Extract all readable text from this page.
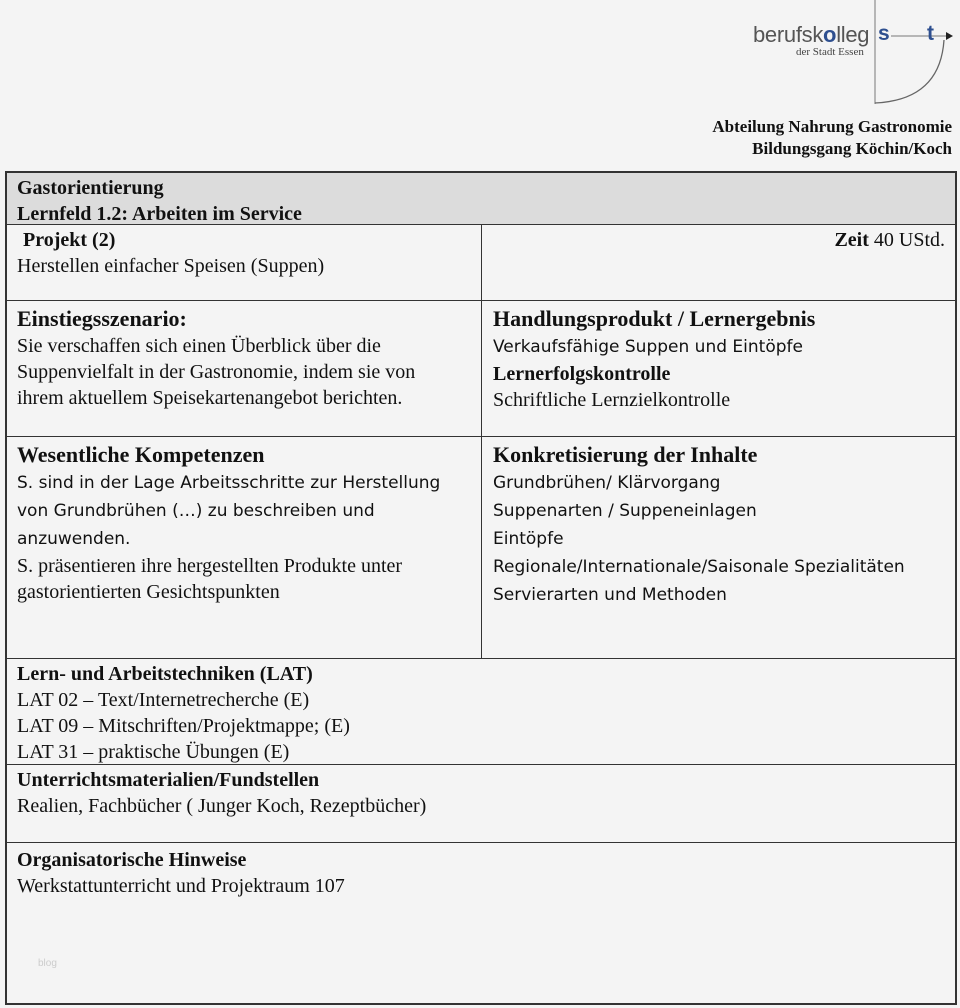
berufskolleg s t
der Stadt Essen
Abteilung Nahrung Gastronomie
Bildungsgang Köchin/Koch
Gastorientierung
Lernfeld 1.2: Arbeiten im Service
Projekt (2)
Herstellen einfacher Speisen (Suppen)
Zeit 40 UStd.
Einstiegsszenario:
Sie verschaffen sich einen Überblick über die
Suppenvielfalt in der Gastronomie, indem sie von
ihrem aktuellem Speisekartenangebot berichten.
Handlungsprodukt / Lernergebnis
Verkaufsfähige Suppen und Eintöpfe
Lernerfolgskontrolle
Schriftliche Lernzielkontrolle
Wesentliche Kompetenzen
S. sind in der Lage Arbeitsschritte zur Herstellung
von Grundbrühen (…) zu beschreiben und
anzuwenden.
S. präsentieren ihre hergestellten Produkte unter
gastorientierten Gesichtspunkten
Konkretisierung der Inhalte
Grundbrühen/ Klärvorgang
Suppenarten / Suppeneinlagen
Eintöpfe
Regionale/Internationale/Saisonale Spezialitäten
Servierarten und Methoden
Lern- und Arbeitstechniken (LAT)
LAT 02 – Text/Internetrecherche (E)
LAT 09 – Mitschriften/Projektmappe; (E)
LAT 31 – praktische Übungen (E)
Unterrichtsmaterialien/Fundstellen
Realien, Fachbücher ( Junger Koch, Rezeptbücher)
Organisatorische Hinweise
Werkstattunterricht und Projektraum 107
blog
